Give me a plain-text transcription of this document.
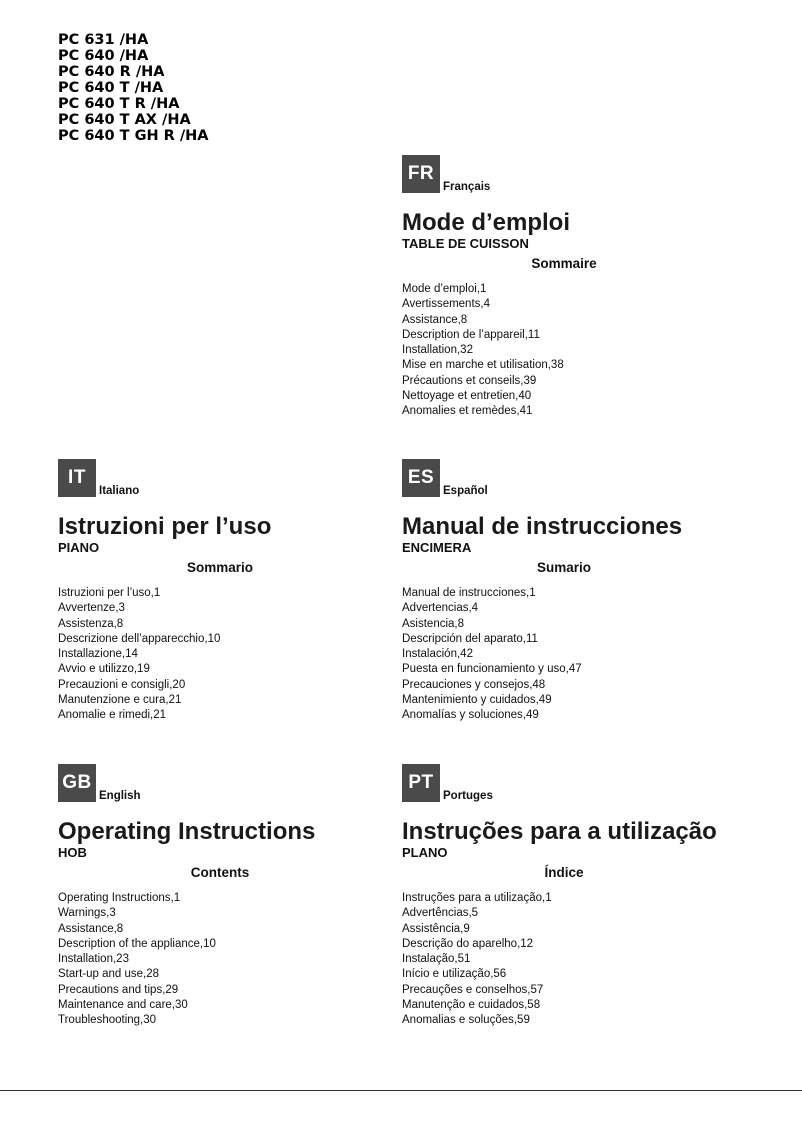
PC 631 /HA
PC 640 /HA
PC 640 R /HA
PC 640 T /HA
PC 640 T R /HA
PC 640 T AX /HA
PC 640 T GH R /HA
FR
Français
Mode d’emploi
TABLE DE CUISSON
Sommaire
Mode d’emploi,1
Avertissements,4
Assistance,8
Description de l’appareil,11
Installation,32
Mise en marche et utilisation,38
Précautions et conseils,39
Nettoyage et entretien,40
Anomalies et remèdes,41
IT
Italiano
Istruzioni per l’uso
PIANO
Sommario
Istruzioni per l’uso,1
Avvertenze,3
Assistenza,8
Descrizione dell’apparecchio,10
Installazione,14
Avvio e utilizzo,19
Precauzioni e consigli,20
Manutenzione e cura,21
Anomalie e rimedi,21
ES
Español
Manual de instrucciones
ENCIMERA
Sumario
Manual de instrucciones,1
Advertencias,4
Asistencia,8
Descripción del aparato,11
Instalación,42
Puesta en funcionamiento y uso,47
Precauciones y consejos,48
Mantenimiento y cuidados,49
Anomalías y soluciones,49
GB
English
Operating Instructions
HOB
Contents
Operating Instructions,1
Warnings,3
Assistance,8
Description of the appliance,10
Installation,23
Start-up and use,28
Precautions and tips,29
Maintenance and care,30
Troubleshooting,30
PT
Portuges
Instruções para a utilização
PLANO
Índice
Instruções para a utilização,1
Advertências,5
Assistência,9
Descrição do aparelho,12
Instalação,51
Início e utilização,56
Precauções e conselhos,57
Manutenção e cuidados,58
Anomalias e soluções,59
